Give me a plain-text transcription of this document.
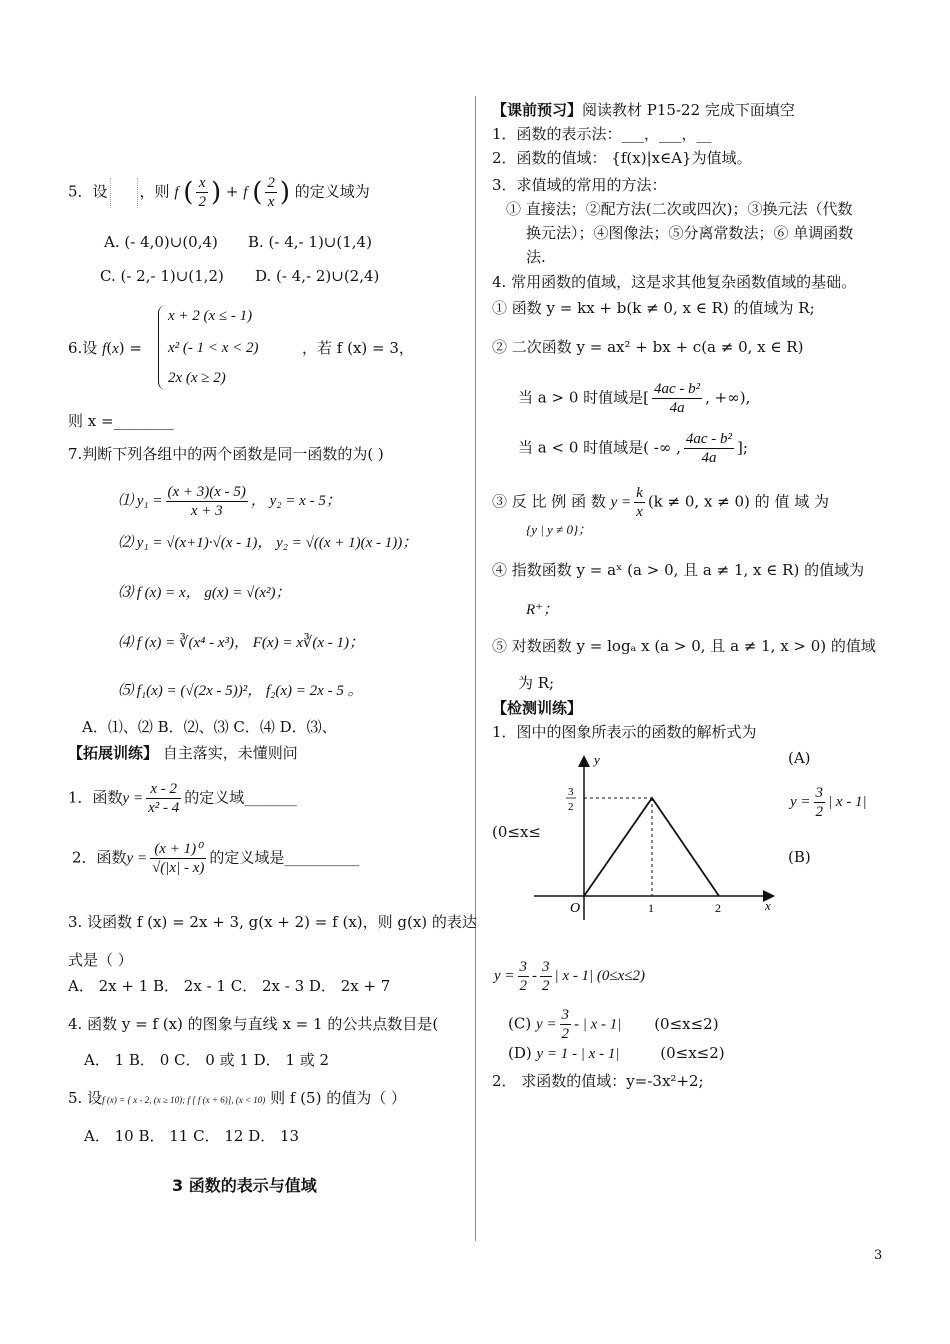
5．设 ，则 f ( $\frac{x}{2}$ ) + f ( $\frac{2}{x}$ ) 的定义域为
A. (- 4,0)∪(0,4) B. (- 4,- 1)∪(1,4)
C. (- 2,- 1)∪(1,2) D. (- 4,- 2)∪(2,4)
6.设 f(x) =
x + 2 (x ≤ - 1)
x² (- 1 < x < 2)
2x (x ≥ 2)
，若 f (x) = 3，
则 x =________
7.判断下列各组中的两个函数是同一函数的为( )
⑴ $y_1 = \frac{(x + 3)(x - 5)}{x + 3}$ ， y₂ = x - 5；
⑵ y₁ = √(x+1)·√(x - 1)， y₂ = √((x + 1)(x - 1))；
⑶ f (x) = x， g(x) = √(x²)；
⑷ f (x) = ∛(x⁴ - x³)， F(x) = x∛(x - 1)；
⑸ f₁(x) = (√(2x - 5))²， f₂(x) = 2x - 5 。
A．⑴、⑵ B．⑵、⑶ C．⑷ D．⑶、
【拓展训练】 自主落实，未懂则问
1．函数$y = \frac{x - 2}{\text{x² - 4}}$ 的定义域_______
2．函数$y = \frac{\text{(x + 1)⁰}}{√(|x| - x)}$ 的定义域是__________
3. 设函数 f (x) = 2x + 3, g(x + 2) = f (x)，则 g(x) 的表达
式是（ ）
A． 2x + 1 B． 2x - 1 C． 2x - 3 D． 2x + 7
4. 函数 y = f (x) 的图象与直线 x = 1 的公共点数目是(
A． 1 B． 0 C． 0 或 1 D． 1 或 2
5. 设f (x) = { x - 2, (x ≥ 10); f [ f (x + 6)], (x < 10) 则 f (5) 的值为（ ）
A． 10 B． 11 C． 12 D． 13
3 函数的表示与值域
【课前预习】阅读教材 P15-22 完成下面填空
1．函数的表示法：___，___，__
2．函数的值域： {f(x)|x∈A}为值域。
3．求值域的常用的方法：
① 直接法；②配方法(二次或四次)；③换元法（代数
换元法）；④图像法；⑤分离常数法；⑥ 单调函数
法.
4. 常用函数的值域，这是求其他复杂函数值域的基础。
① 函数 y = kx + b(k ≠ 0, x ∈ R) 的值域为 R;
② 二次函数 y = ax² + bx + c(a ≠ 0, x ∈ R)
当 a > 0 时值域是[ $\frac{\text{4ac - b²}}{4a}$ , +∞),
当 a < 0 时值域是( -∞ , $\frac{\text{4ac - b²}}{4a}$ ];
③ 反 比 例 函 数 $y = \frac{k}{x} (k \ne 0$, x ≠ 0) 的 值 域 为
{y | y ≠ 0}；
④ 指数函数 y = aˣ (a > 0, 且 a ≠ 1, x ∈ R) 的值域为
R⁺；
⑤ 对数函数 y = logₐ x (a > 0, 且 a ≠ 1, x > 0) 的值域
为 R;
【检测训练】
1．图中的图象所表示的函数的解析式为
(A)
$y = \frac{3}{2}$ | x - 1|
(0≤x≤
(B)
y
x
O	1	2
3
2
$y = \frac{3}{2} - \frac{3}{2}$ | x - 1| (0≤x≤2)
(C) $y = \frac{3}{2}$ - | x - 1| (0≤x≤2)
(D) y = 1 - | x - 1|	(0≤x≤2)
2． 求函数的值域：y=-3x²+2;
3
